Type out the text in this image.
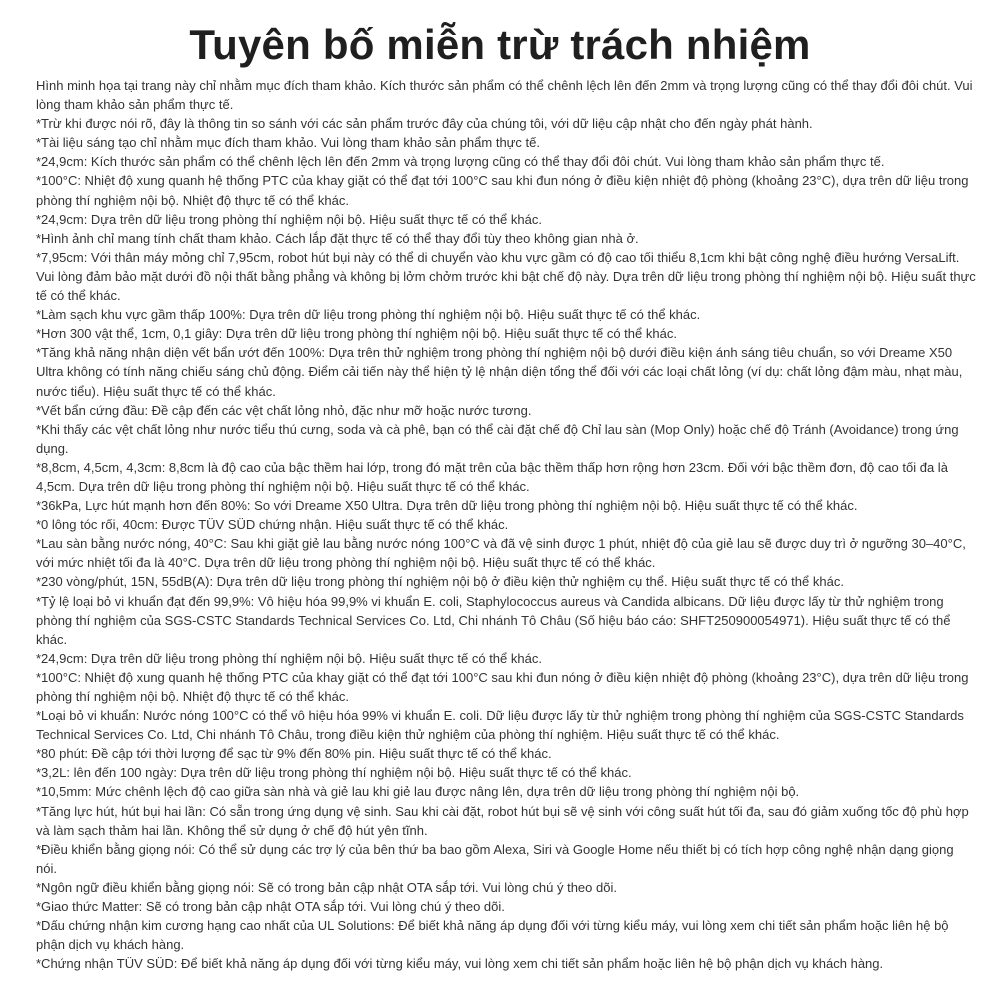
Tuyên bố miễn trừ trách nhiệm

Hình minh họa tại trang này chỉ nhằm mục đích tham khảo. Kích thước sản phẩm có thể chênh lệch lên đến 2mm và trọng lượng cũng có thể thay đổi đôi chút. Vui lòng tham khảo sản phẩm thực tế.

*Trừ khi được nói rõ, đây là thông tin so sánh với các sản phẩm trước đây của chúng tôi, với dữ liệu cập nhật cho đến ngày phát hành.

*Tài liệu sáng tạo chỉ nhằm mục đích tham khảo. Vui lòng tham khảo sản phẩm thực tế.

*24,9cm: Kích thước sản phẩm có thể chênh lệch lên đến 2mm và trọng lượng cũng có thể thay đổi đôi chút. Vui lòng tham khảo sản phẩm thực tế.

*100°C: Nhiệt độ xung quanh hệ thống PTC của khay giặt có thể đạt tới 100°C sau khi đun nóng ở điều kiện nhiệt độ phòng (khoảng 23°C), dựa trên dữ liệu trong phòng thí nghiệm nội bộ. Nhiệt độ thực tế có thể khác.

*24,9cm: Dựa trên dữ liệu trong phòng thí nghiệm nội bộ. Hiệu suất thực tế có thể khác.

*Hình ảnh chỉ mang tính chất tham khảo. Cách lắp đặt thực tế có thể thay đổi tùy theo không gian nhà ở.

*7,95cm: Với thân máy mỏng chỉ 7,95cm, robot hút bụi này có thể di chuyển vào khu vực gầm có độ cao tối thiểu 8,1cm khi bật công nghệ điều hướng VersaLift. Vui lòng đảm bảo mặt dưới đồ nội thất bằng phẳng và không bị lởm chởm trước khi bật chế độ này. Dựa trên dữ liệu trong phòng thí nghiệm nội bộ. Hiệu suất thực tế có thể khác.

*Làm sạch khu vực gầm thấp 100%: Dựa trên dữ liệu trong phòng thí nghiệm nội bộ. Hiệu suất thực tế có thể khác.

*Hơn 300 vật thể, 1cm, 0,1 giây: Dựa trên dữ liệu trong phòng thí nghiệm nội bộ. Hiệu suất thực tế có thể khác.

*Tăng khả năng nhận diện vết bẩn ướt đến 100%: Dựa trên thử nghiệm trong phòng thí nghiệm nội bộ dưới điều kiện ánh sáng tiêu chuẩn, so với Dreame X50 Ultra không có tính năng chiếu sáng chủ động. Điểm cải tiến này thể hiện tỷ lệ nhận diện tổng thể đối với các loại chất lỏng (ví dụ: chất lỏng đậm màu, nhạt màu, nước tiểu). Hiệu suất thực tế có thể khác.

*Vết bẩn cứng đầu: Đề cập đến các vệt chất lỏng nhỏ, đặc như mỡ hoặc nước tương.

*Khi thấy các vệt chất lỏng như nước tiểu thú cưng, soda và cà phê, bạn có thể cài đặt chế độ Chỉ lau sàn (Mop Only) hoặc chế độ Tránh (Avoidance) trong ứng dụng.

*8,8cm, 4,5cm, 4,3cm: 8,8cm là độ cao của bậc thềm hai lớp, trong đó mặt trên của bậc thềm thấp hơn rộng hơn 23cm. Đối với bậc thềm đơn, độ cao tối đa là 4,5cm. Dựa trên dữ liệu trong phòng thí nghiệm nội bộ. Hiệu suất thực tế có thể khác.

*36kPa, Lực hút mạnh hơn đến 80%: So với Dreame X50 Ultra. Dựa trên dữ liệu trong phòng thí nghiệm nội bộ. Hiệu suất thực tế có thể khác.

*0 lông tóc rối, 40cm: Được TÜV SÜD chứng nhận. Hiệu suất thực tế có thể khác.

*Lau sàn bằng nước nóng, 40°C: Sau khi giặt giẻ lau bằng nước nóng 100°C và đã vệ sinh được 1 phút, nhiệt độ của giẻ lau sẽ được duy trì ở ngưỡng 30–40°C, với mức nhiệt tối đa là 40°C. Dựa trên dữ liệu trong phòng thí nghiệm nội bộ. Hiệu suất thực tế có thể khác.

*230 vòng/phút, 15N, 55dB(A): Dựa trên dữ liệu trong phòng thí nghiệm nội bộ ở điều kiện thử nghiệm cụ thể. Hiệu suất thực tế có thể khác.

*Tỷ lệ loại bỏ vi khuẩn đạt đến 99,9%: Vô hiệu hóa 99,9% vi khuẩn E. coli, Staphylococcus aureus và Candida albicans. Dữ liệu được lấy từ thử nghiệm trong phòng thí nghiệm của SGS-CSTC Standards Technical Services Co. Ltd, Chi nhánh Tô Châu (Số hiệu báo cáo: SHFT250900054971). Hiệu suất thực tế có thể khác.

*24,9cm: Dựa trên dữ liệu trong phòng thí nghiệm nội bộ. Hiệu suất thực tế có thể khác.

*100°C: Nhiệt độ xung quanh hệ thống PTC của khay giặt có thể đạt tới 100°C sau khi đun nóng ở điều kiện nhiệt độ phòng (khoảng 23°C), dựa trên dữ liệu trong phòng thí nghiệm nội bộ. Nhiệt độ thực tế có thể khác.

*Loại bỏ vi khuẩn: Nước nóng 100°C có thể vô hiệu hóa 99% vi khuẩn E. coli. Dữ liệu được lấy từ thử nghiệm trong phòng thí nghiệm của SGS-CSTC Standards Technical Services Co. Ltd, Chi nhánh Tô Châu, trong điều kiện thử nghiệm của phòng thí nghiệm. Hiệu suất thực tế có thể khác.

*80 phút: Đề cập tới thời lượng để sạc từ 9% đến 80% pin. Hiệu suất thực tế có thể khác.

*3,2L: lên đến 100 ngày: Dựa trên dữ liệu trong phòng thí nghiệm nội bộ. Hiệu suất thực tế có thể khác.

*10,5mm: Mức chênh lệch độ cao giữa sàn nhà và giẻ lau khi giẻ lau được nâng lên, dựa trên dữ liệu trong phòng thí nghiệm nội bộ.

*Tăng lực hút, hút bụi hai lần: Có sẵn trong ứng dụng vệ sinh. Sau khi cài đặt, robot hút bụi sẽ vệ sinh với công suất hút tối đa, sau đó giảm xuống tốc độ phù hợp và làm sạch thảm hai lần. Không thể sử dụng ở chế độ hút yên tĩnh.

*Điều khiển bằng giọng nói: Có thể sử dụng các trợ lý của bên thứ ba bao gồm Alexa, Siri và Google Home nếu thiết bị có tích hợp công nghệ nhận dạng giọng nói.

*Ngôn ngữ điều khiển bằng giọng nói: Sẽ có trong bản cập nhật OTA sắp tới. Vui lòng chú ý theo dõi.

*Giao thức Matter: Sẽ có trong bản cập nhật OTA sắp tới. Vui lòng chú ý theo dõi.

*Dấu chứng nhận kim cương hạng cao nhất của UL Solutions: Để biết khả năng áp dụng đối với từng kiểu máy, vui lòng xem chi tiết sản phẩm hoặc liên hệ bộ phận dịch vụ khách hàng.

*Chứng nhận TÜV SÜD: Để biết khả năng áp dụng đối với từng kiểu máy, vui lòng xem chi tiết sản phẩm hoặc liên hệ bộ phận dịch vụ khách hàng.
